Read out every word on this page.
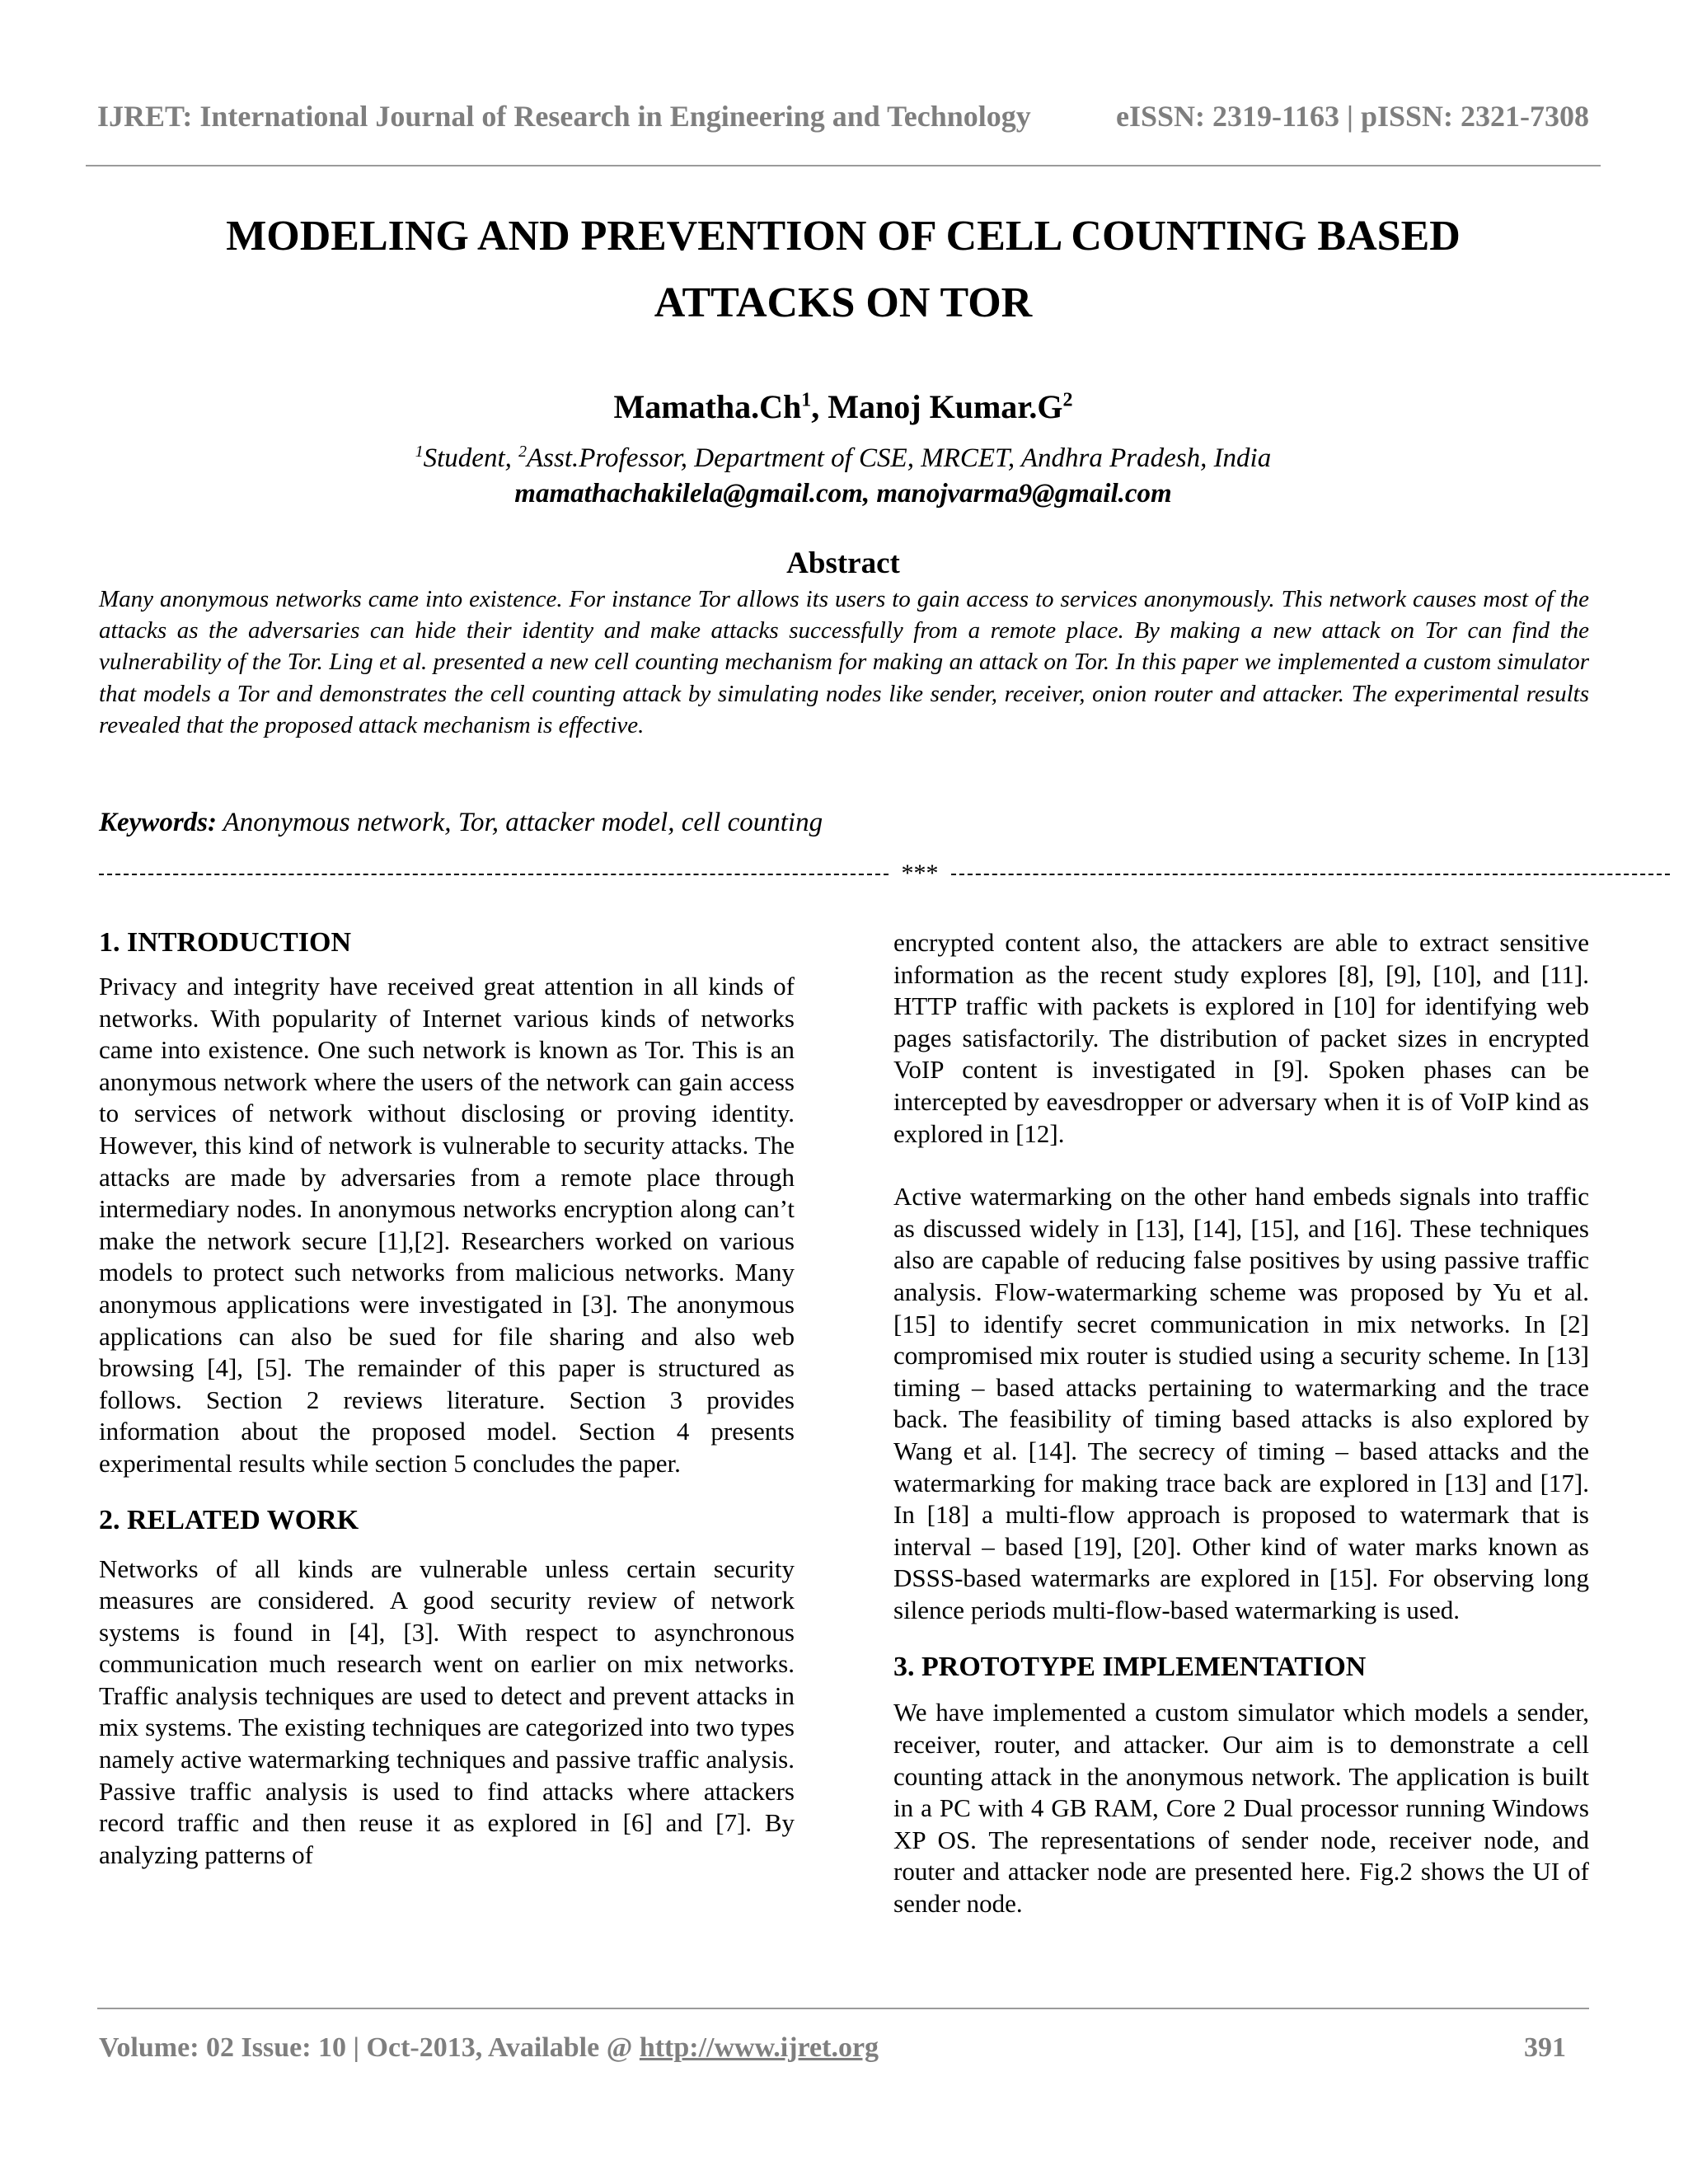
IJRET: International Journal of Research in Engineering and Technology	eISSN: 2319-1163 | pISSN: 2321-7308
MODELING AND PREVENTION OF CELL COUNTING BASED
ATTACKS ON TOR
Mamatha.Ch$^1$, Manoj $Kumar.G^2$
$^1$Student, $^2$Asst.Professor, Department of CSE, MRCET, Andhra Pradesh, India
mamathachakilela@gmail.com, manojvarma9@gmail.com
Abstract

Many anonymous networks came into existence. For instance Tor allows its users to gain access to services anonymously. This network causes most of the attacks as the adversaries can hide their identity and make attacks successfully from a remote place. By making a new attack on Tor can find the vulnerability of the Tor. Ling et al. presented a new cell counting mechanism for making an attack on Tor. In this paper we implemented a custom simulator that models a Tor and demonstrates the cell counting attack by simulating nodes like sender, receiver, onion router and attacker. The experimental results revealed that the proposed attack mechanism is effective.

Keywords: Anonymous network, Tor, attacker model, cell counting

***
1. INTRODUCTION

Privacy and integrity have received great attention in all kinds of networks. With popularity of Internet various kinds of networks came into existence. One such network is known as Tor. This is an anonymous network where the users of the network can gain access to services of network without disclosing or proving identity. However, this kind of network is vulnerable to security attacks. The attacks are made by adversaries from a remote place through intermediary nodes. In anonymous networks encryption along can’t make the network secure [1],[2]. Researchers worked on various models to protect such networks from malicious networks. Many anonymous applications were investigated in [3]. The anonymous applications can also be sued for file sharing and also web browsing [4], [5]. The remainder of this paper is structured as follows. Section 2 reviews literature. Section 3 provides information about the proposed model. Section 4 presents experimental results while section 5 concludes the paper.

2. RELATED WORK

Networks of all kinds are vulnerable unless certain security measures are considered. A good security review of network systems is found in [4], [3]. With respect to asynchronous communication much research went on earlier on mix networks. Traffic analysis techniques are used to detect and prevent attacks in mix systems. The existing techniques are categorized into two types namely active watermarking techniques and passive traffic analysis. Passive traffic analysis is used to find attacks where attackers record traffic and then reuse it as explored in [6] and [7]. By analyzing patterns of

encrypted content also, the attackers are able to extract sensitive information as the recent study explores [8], [9], [10], and [11]. HTTP traffic with packets is explored in [10] for identifying web pages satisfactorily. The distribution of packet sizes in encrypted VoIP content is investigated in [9]. Spoken phases can be intercepted by eavesdropper or adversary when it is of VoIP kind as explored in [12].

Active watermarking on the other hand embeds signals into traffic as discussed widely in [13], [14], [15], and [16]. These techniques also are capable of reducing false positives by using passive traffic analysis. Flow-watermarking scheme was proposed by Yu et al. [15] to identify secret communication in mix networks. In [2] compromised mix router is studied using a security scheme. In [13] timing – based attacks pertaining to watermarking and the trace back. The feasibility of timing based attacks is also explored by Wang et al. [14]. The secrecy of timing – based attacks and the watermarking for making trace back are explored in [13] and [17]. In [18] a multi-flow approach is proposed to watermark that is interval – based [19], [20]. Other kind of water marks known as DSSS-based watermarks are explored in [15]. For observing long silence periods multi-flow-based watermarking is used.

3. PROTOTYPE IMPLEMENTATION

We have implemented a custom simulator which models a sender, receiver, router, and attacker. Our aim is to demonstrate a cell counting attack in the anonymous network. The application is built in a PC with 4 GB RAM, Core 2 Dual processor running Windows XP OS. The representations of sender node, receiver node, and router and attacker node are presented here. Fig.2 shows the UI of sender node.

Volume: 02 Issue: 10 | Oct-2013, Available @ http://www.ijret.org	391
